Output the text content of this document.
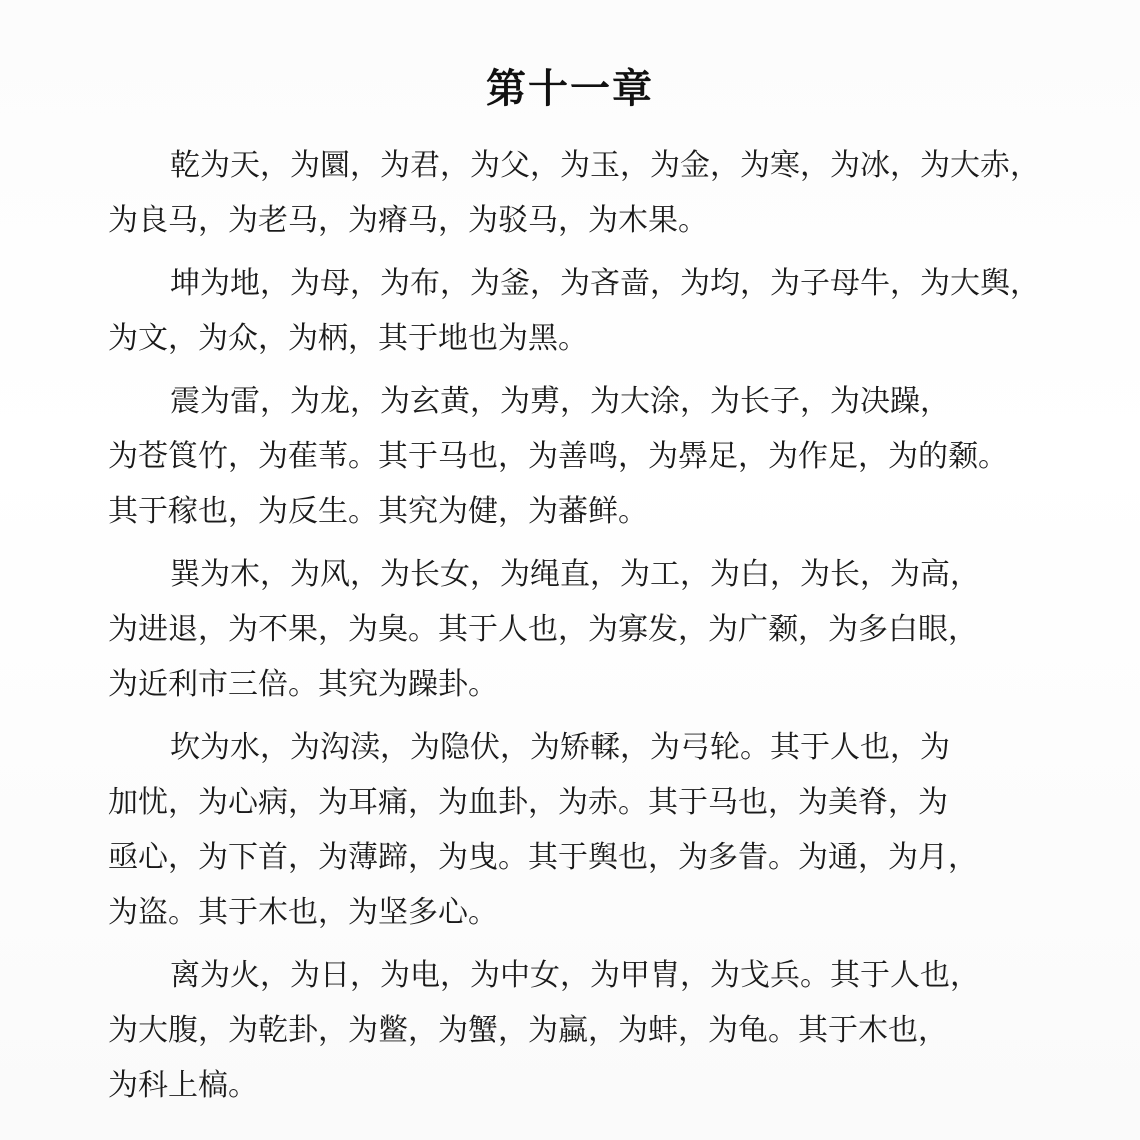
第十一章

乾为天，为圜，为君，为父，为玉，为金，为寒，为冰，为大赤，
为良马，为老马，为瘠马，为驳马，为木果。

坤为地，为母，为布，为釜，为吝啬，为均，为子母牛，为大舆，
为文，为众，为柄，其于地也为黑。

震为雷，为龙，为玄黄，为旉，为大涂，为长子，为决躁，
为苍筤竹，为萑苇。其于马也，为善鸣，为馵足，为作足，为的颡。
其于稼也，为反生。其究为健，为蕃鲜。

巽为木，为风，为长女，为绳直，为工，为白，为长，为高，
为进退，为不果，为臭。其于人也，为寡发，为广颡，为多白眼，
为近利市三倍。其究为躁卦。

坎为水，为沟渎，为隐伏，为矫輮，为弓轮。其于人也，为
加忧，为心病，为耳痛，为血卦，为赤。其于马也，为美脊，为
亟心，为下首，为薄蹄，为曳。其于舆也，为多眚。为通，为月，
为盗。其于木也，为坚多心。

离为火，为日，为电，为中女，为甲胄，为戈兵。其于人也，
为大腹，为乾卦，为鳖，为蟹，为蠃，为蚌，为龟。其于木也，
为科上槁。
